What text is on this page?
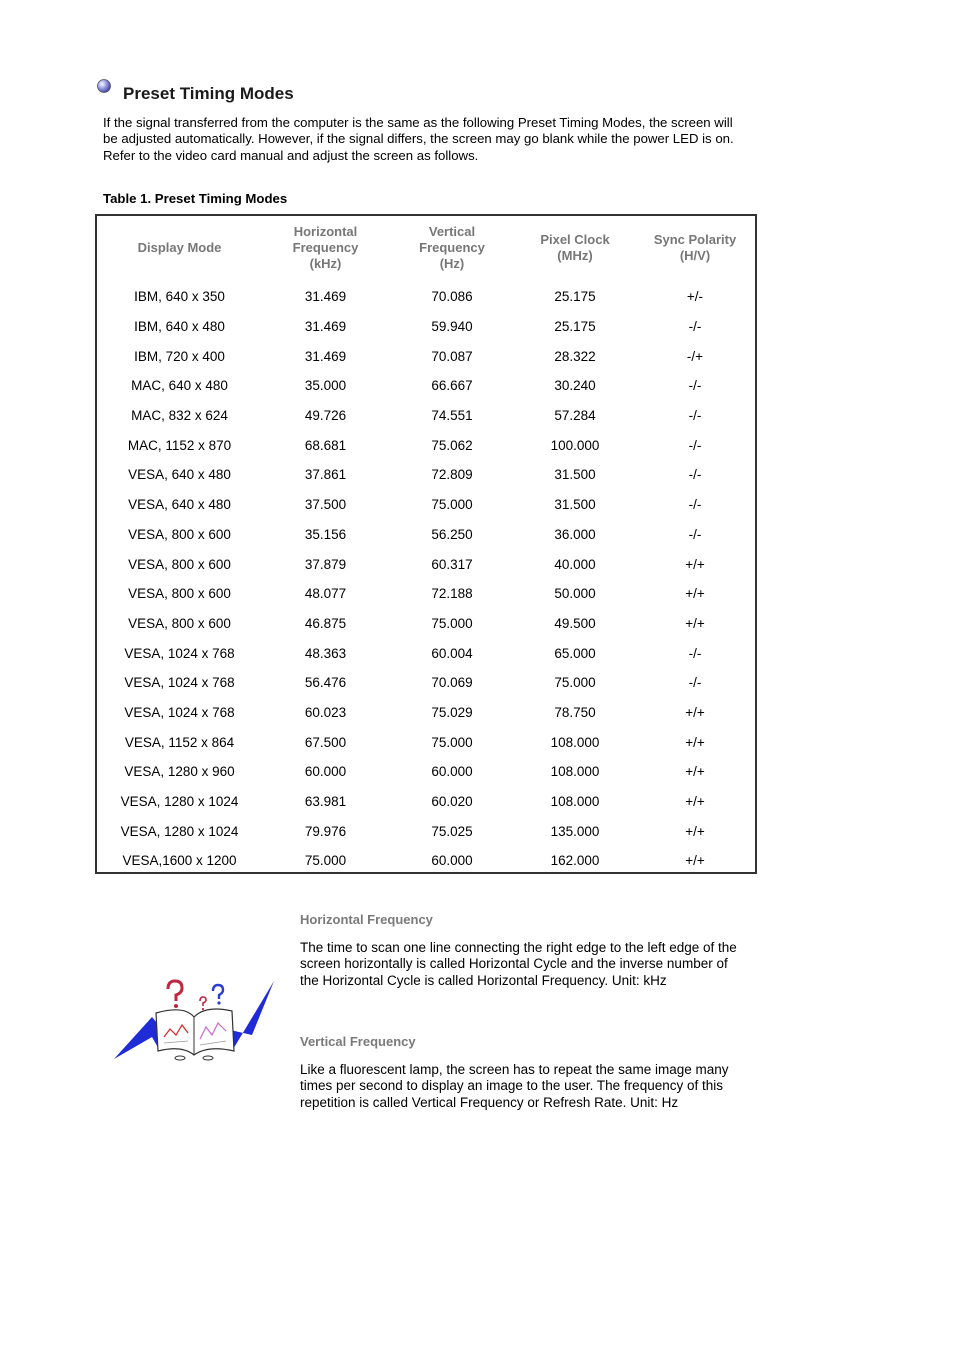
Preset Timing Modes

If the signal transferred from the computer is the same as the following Preset Timing Modes, the screen will be adjusted automatically. However, if the signal differs, the screen may go blank while the power LED is on. Refer to the video card manual and adjust the screen as follows.

Table 1. Preset Timing Modes
Display Mode	Horizontal
Frequency
(kHz)	Vertical
Frequency
(Hz)	Pixel Clock
(MHz)	Sync Polarity
(H/V)
IBM, 640 x 350	31.469	70.086	25.175	+/-
IBM, 640 x 480	31.469	59.940	25.175	-/-
IBM, 720 x 400	31.469	70.087	28.322	-/+
MAC, 640 x 480	35.000	66.667	30.240	-/-
MAC, 832 x 624	49.726	74.551	57.284	-/-
MAC, 1152 x 870	68.681	75.062	100.000	-/-
VESA, 640 x 480	37.861	72.809	31.500	-/-
VESA, 640 x 480	37.500	75.000	31.500	-/-
VESA, 800 x 600	35.156	56.250	36.000	-/-
VESA, 800 x 600	37.879	60.317	40.000	+/+
VESA, 800 x 600	48.077	72.188	50.000	+/+
VESA, 800 x 600	46.875	75.000	49.500	+/+
VESA, 1024 x 768	48.363	60.004	65.000	-/-
VESA, 1024 x 768	56.476	70.069	75.000	-/-
VESA, 1024 x 768	60.023	75.029	78.750	+/+
VESA, 1152 x 864	67.500	75.000	108.000	+/+
VESA, 1280 x 960	60.000	60.000	108.000	+/+
VESA, 1280 x 1024	63.981	60.020	108.000	+/+
VESA, 1280 x 1024	79.976	75.025	135.000	+/+
VESA,1600 x 1200	75.000	60.000	162.000	+/+

Horizontal Frequency

The time to scan one line connecting the right edge to the left edge of the screen horizontally is called Horizontal Cycle and the inverse number of the Horizontal Cycle is called Horizontal Frequency. Unit: kHz

Vertical Frequency

Like a fluorescent lamp, the screen has to repeat the same image many times per second to display an image to the user. The frequency of this repetition is called Vertical Frequency or Refresh Rate. Unit: Hz
